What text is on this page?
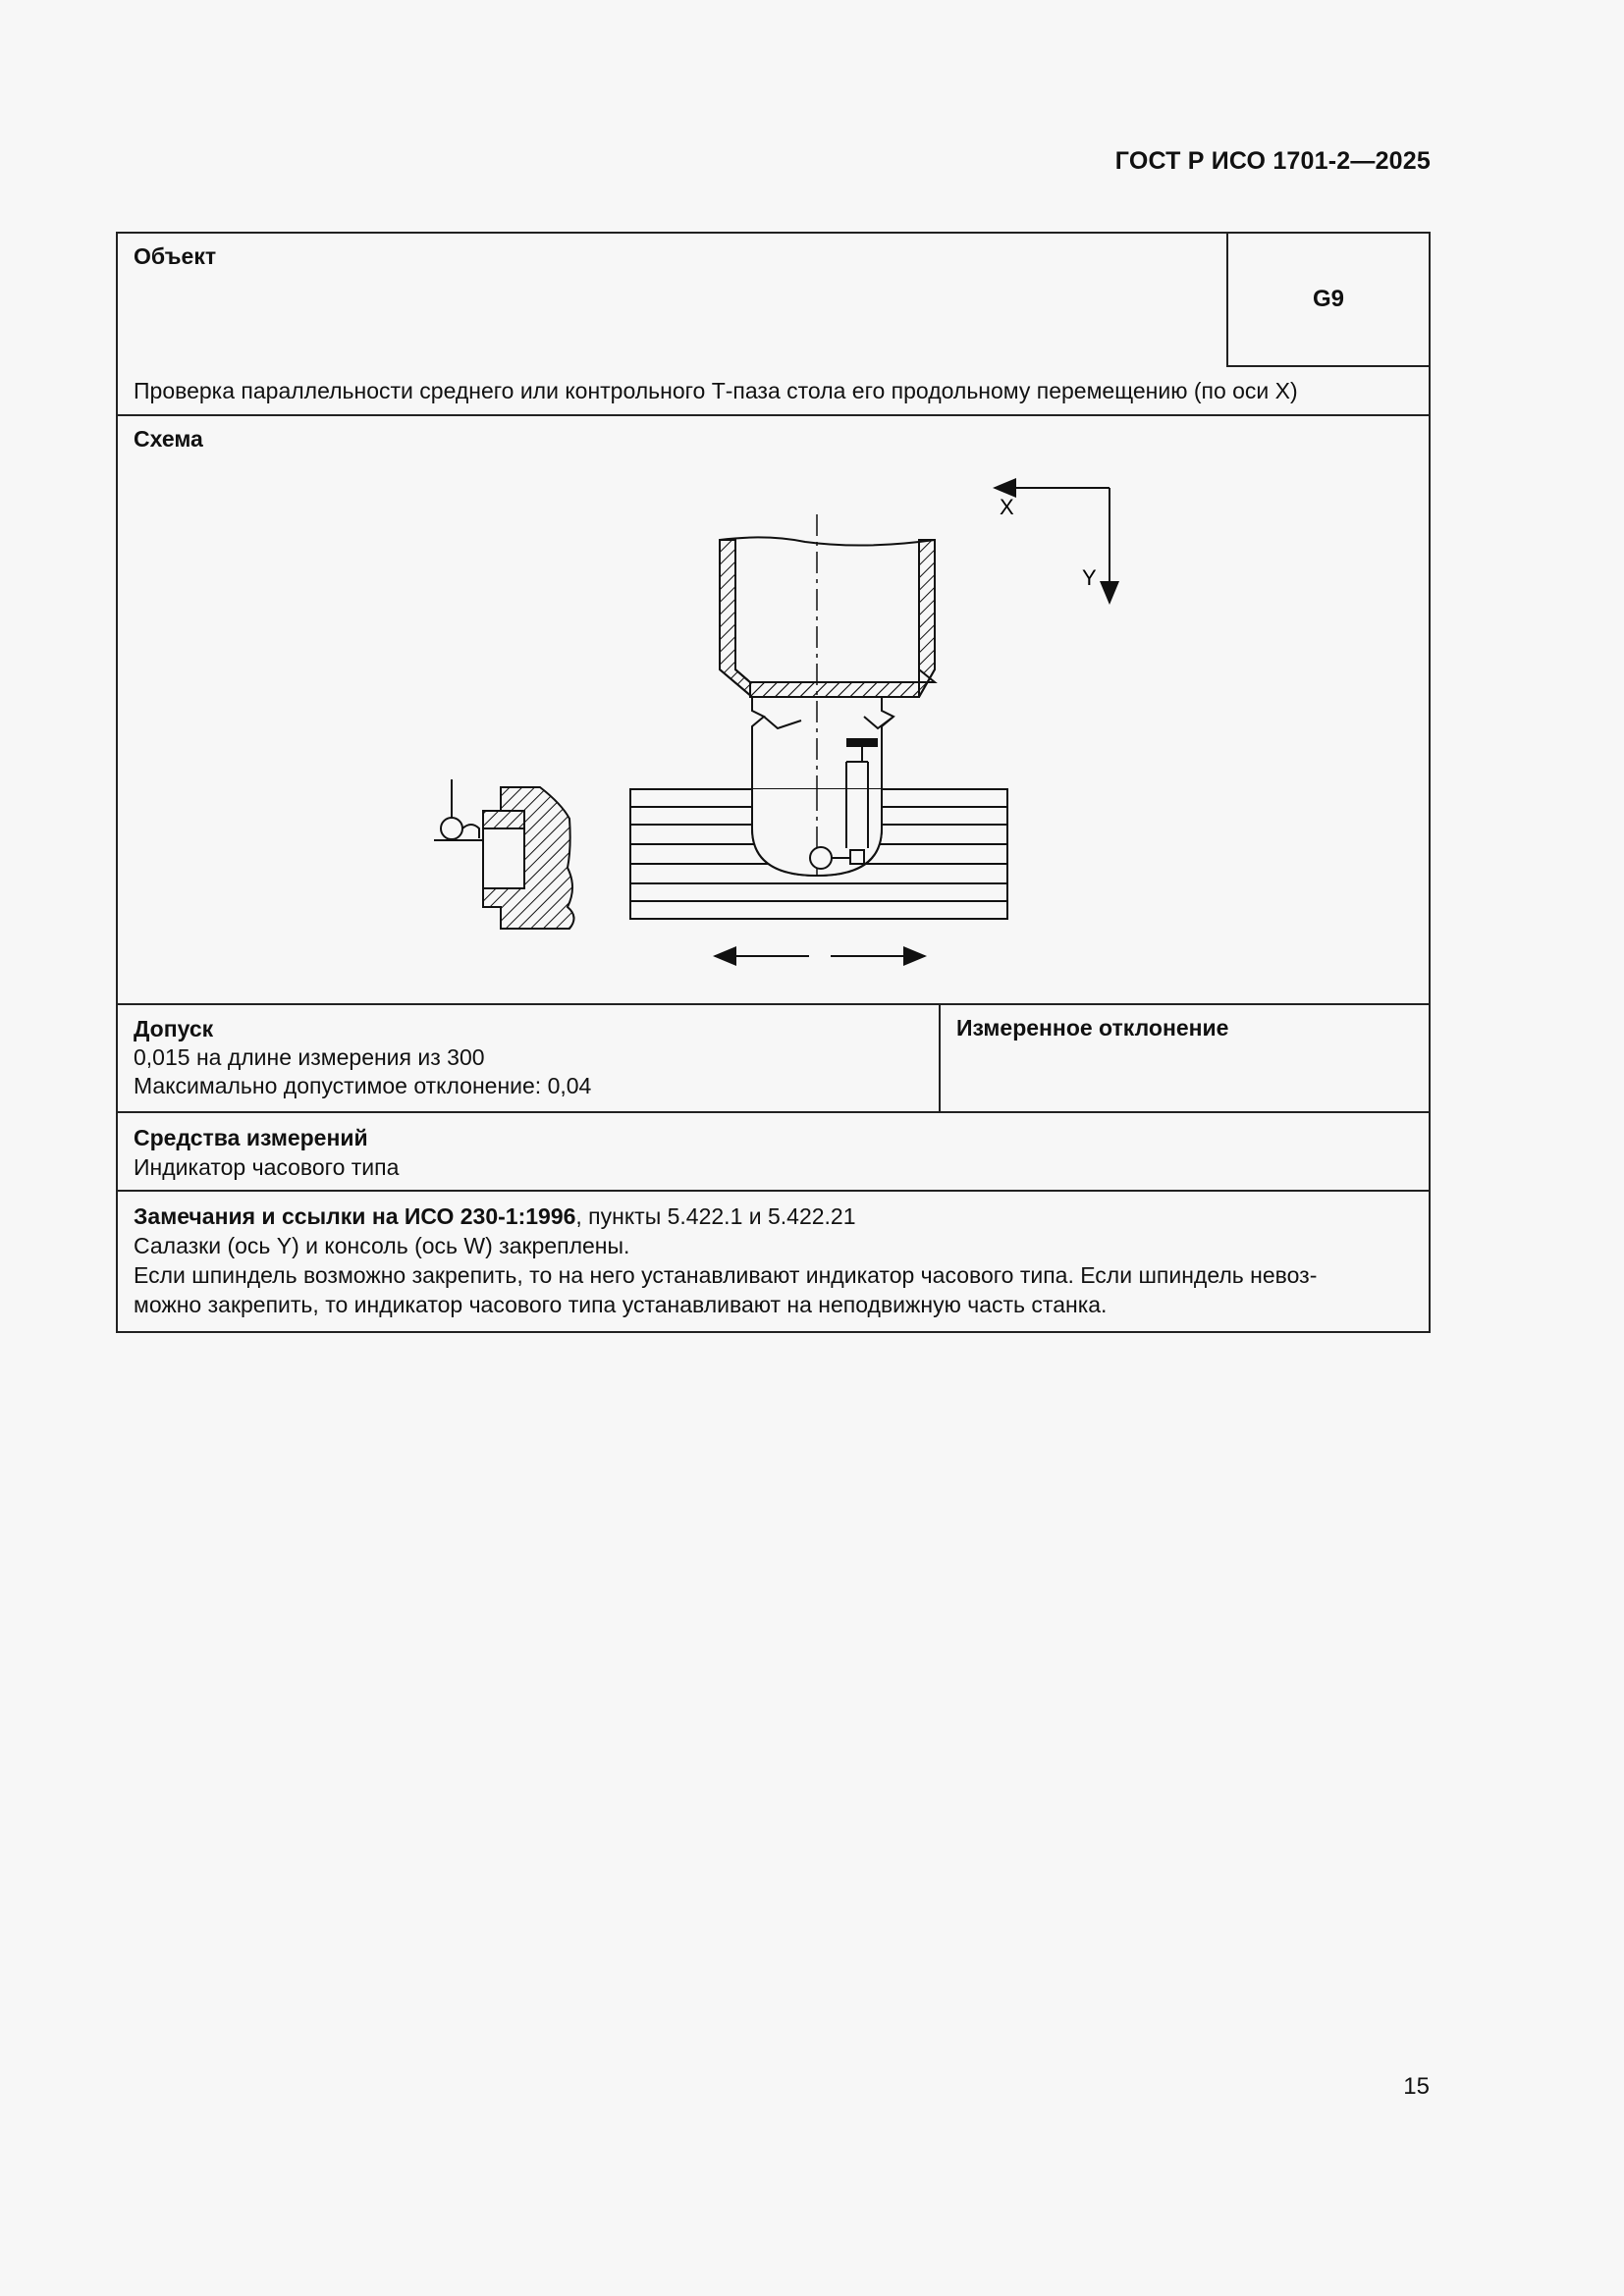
ГОСТ Р ИСО 1701-2—2025
Объект
G9
Проверка параллельности среднего или контрольного Т-паза стола его продольному перемещению (по оси X)
Схема
X
Y
Допуск
0,015 на длине измерения из 300
Максимально допустимое отклонение: 0,04
Измеренное отклонение
Средства измерений
Индикатор часового типа
Замечания и ссылки на ИСО 230-1:1996, пункты 5.422.1 и 5.422.21
Салазки (ось Y) и консоль (ось W) закреплены.
Если шпиндель возможно закрепить, то на него устанавливают индикатор часового типа. Если шпиндель невоз-
можно закрепить, то индикатор часового типа устанавливают на неподвижную часть станка.
15
